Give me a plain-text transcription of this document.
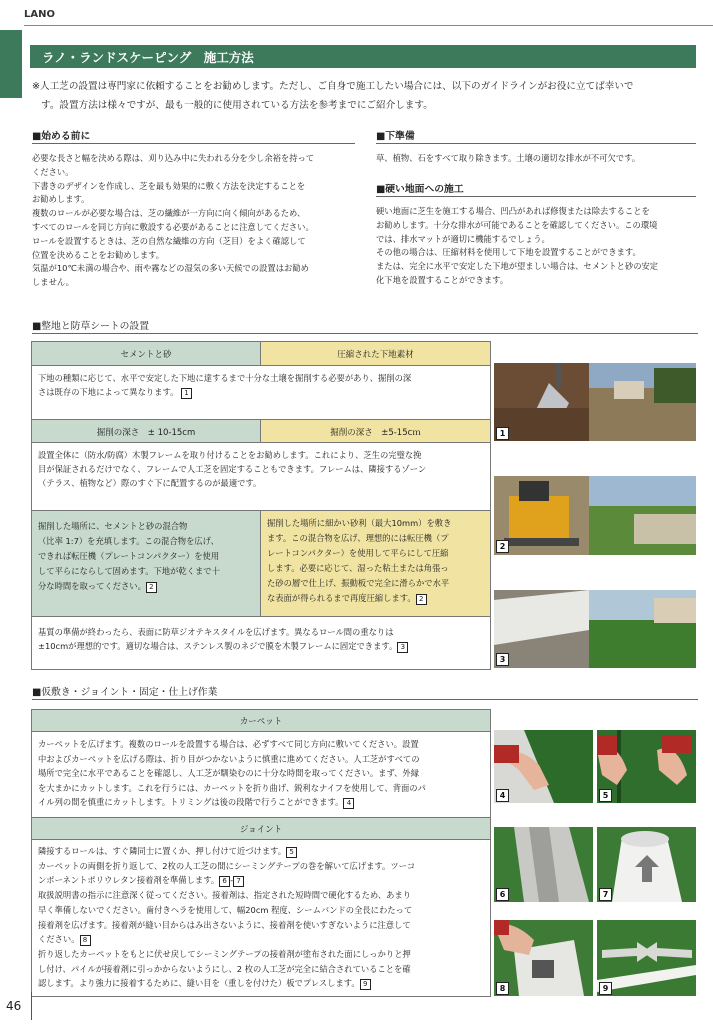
LANO
ラノ・ランドスケーピング　施工方法
※人工芝の設置は専門家に依頼することをお勧めします。ただし、ご自身で施工したい場合には、以下のガイドラインがお役に立てば幸いで
す。設置方法は様々ですが、最も一般的に使用されている方法を参考までにご紹介します。
■始める前に
必要な長さと幅を決める際は、刈り込み中に失われる分を少し余裕を持って
ください。
下書きのデザインを作成し、芝を最も効果的に敷く方法を決定することを
お勧めします。
複数のロールが必要な場合は、芝の繊維が一方向に向く傾向があるため、
すべてのロールを同じ方向に敷設する必要があることに注意してください。
ロールを設置するときは、芝の自然な繊維の方向（芝目）をよく確認して
位置を決めることをお勧めします。
気温が10℃未満の場合や、雨や霧などの湿気の多い天候での設置はお勧め
しません。
■下準備
草、植物、石をすべて取り除きます。土壌の適切な排水が不可欠です。
■硬い地面への施工
硬い地面に芝生を施工する場合、凹凸があれば修復または除去することを
お勧めします。十分な排水が可能であることを確認してください。この環境
では、排水マットが適切に機能するでしょう。
その他の場合は、圧縮材料を使用して下地を設置することができます。
または、完全に水平で安定した下地が望ましい場合は、セメントと砂の安定
化下地を設置することができます。
■整地と防草シートの設置
セメントと砂	圧縮された下地素材
下地の種類に応じて、水平で安定した下地に達するまで十分な土壌を掘削する必要があり、掘削の深
さは既存の下地によって異なります。 1
掘削の深さ　± 10-15cm	掘削の深さ　±5-15cｍ
設置全体に（防水/防腐）木製フレームを取り付けることをお勧めします。これにより、芝生の完璧な挽
目が保証されるだけでなく、フレームで人工芝を固定することもできます。フレームは、隣接するゾーン
（テラス、植物など）際のすぐ下に配置するのが最適です。
掘削した場所に、セメントと砂の混合物
（比率 1:7）を充填します。この混合物を広げ、
できれば転圧機（プレートコンパクター）を使用
して平らにならして固めます。下地が乾くまで十
分な時間を取ってください。 2
掘削した場所に細かい砂利（最大10mm）を敷き
ます。この混合物を広げ、理想的には転圧機（プ
レートコンパクター）を使用して平らにして圧縮
します。必要に応じて、湿った粘土または角張っ
た砂の層で仕上げ、振動板で完全に滑らかで水平
な表面が得られるまで再度圧縮します。 2
基質の準備が終わったら、表面に防草ジオテキスタイルを広げます。異なるロール間の重なりは
±10cmが理想的です。適切な場合は、ステンレス製のネジで膜を木製フレームに固定できます。 3
1
2
3
■仮敷き・ジョイント・固定・仕上げ作業
カーペット
カーペットを広げます。複数のロールを設置する場合は、必ずすべて同じ方向に敷いてください。設置
中およびカーペットを広げる際は、折り目がつかないように慎重に進めてください。人工芝がすべての
場所で完全に水平であることを確認し、人工芝が馴染むのに十分な時間を取ってください。まず、外縁
を大まかにカットします。これを行うには、カーペットを折り曲げ、鋭利なナイフを使用して、背面のパ
イル列の間を慎重にカットします。トリミングは後の段階で行うことができます。 4
ジョイント
隣接するロールは、すぐ隣同士に置くか、押し付けて近づけます。 5
カーペットの両側を折り返して、2枚の人工芝の間にシーミングテープの巻を解いて広げます。ツーコ
ンポーネントポリウレタン接着剤を準備します。 6 - 7
取扱説明書の指示に注意深く従ってください。接着剤は、指定された短時間で硬化するため、あまり
早く準備しないでください。歯付きヘラを使用して、幅20cm 程度、シームバンドの全長にわたって
接着剤を広げます。接着剤が縫い目からはみ出さないように、接着剤を使いすぎないように注意して
ください。 8
折り返したカーペットをもとに伏せ戻してシーミングテープの接着剤が塗布された面にしっかりと押
し付け、パイルが接着剤に引っかからないようにし、2 枚の人工芝が完全に結合されていることを確
認します。より強力に接着するために、縫い目を（重しを付けた）板でプレスします。 9
4	5
6	7
8	9
46
